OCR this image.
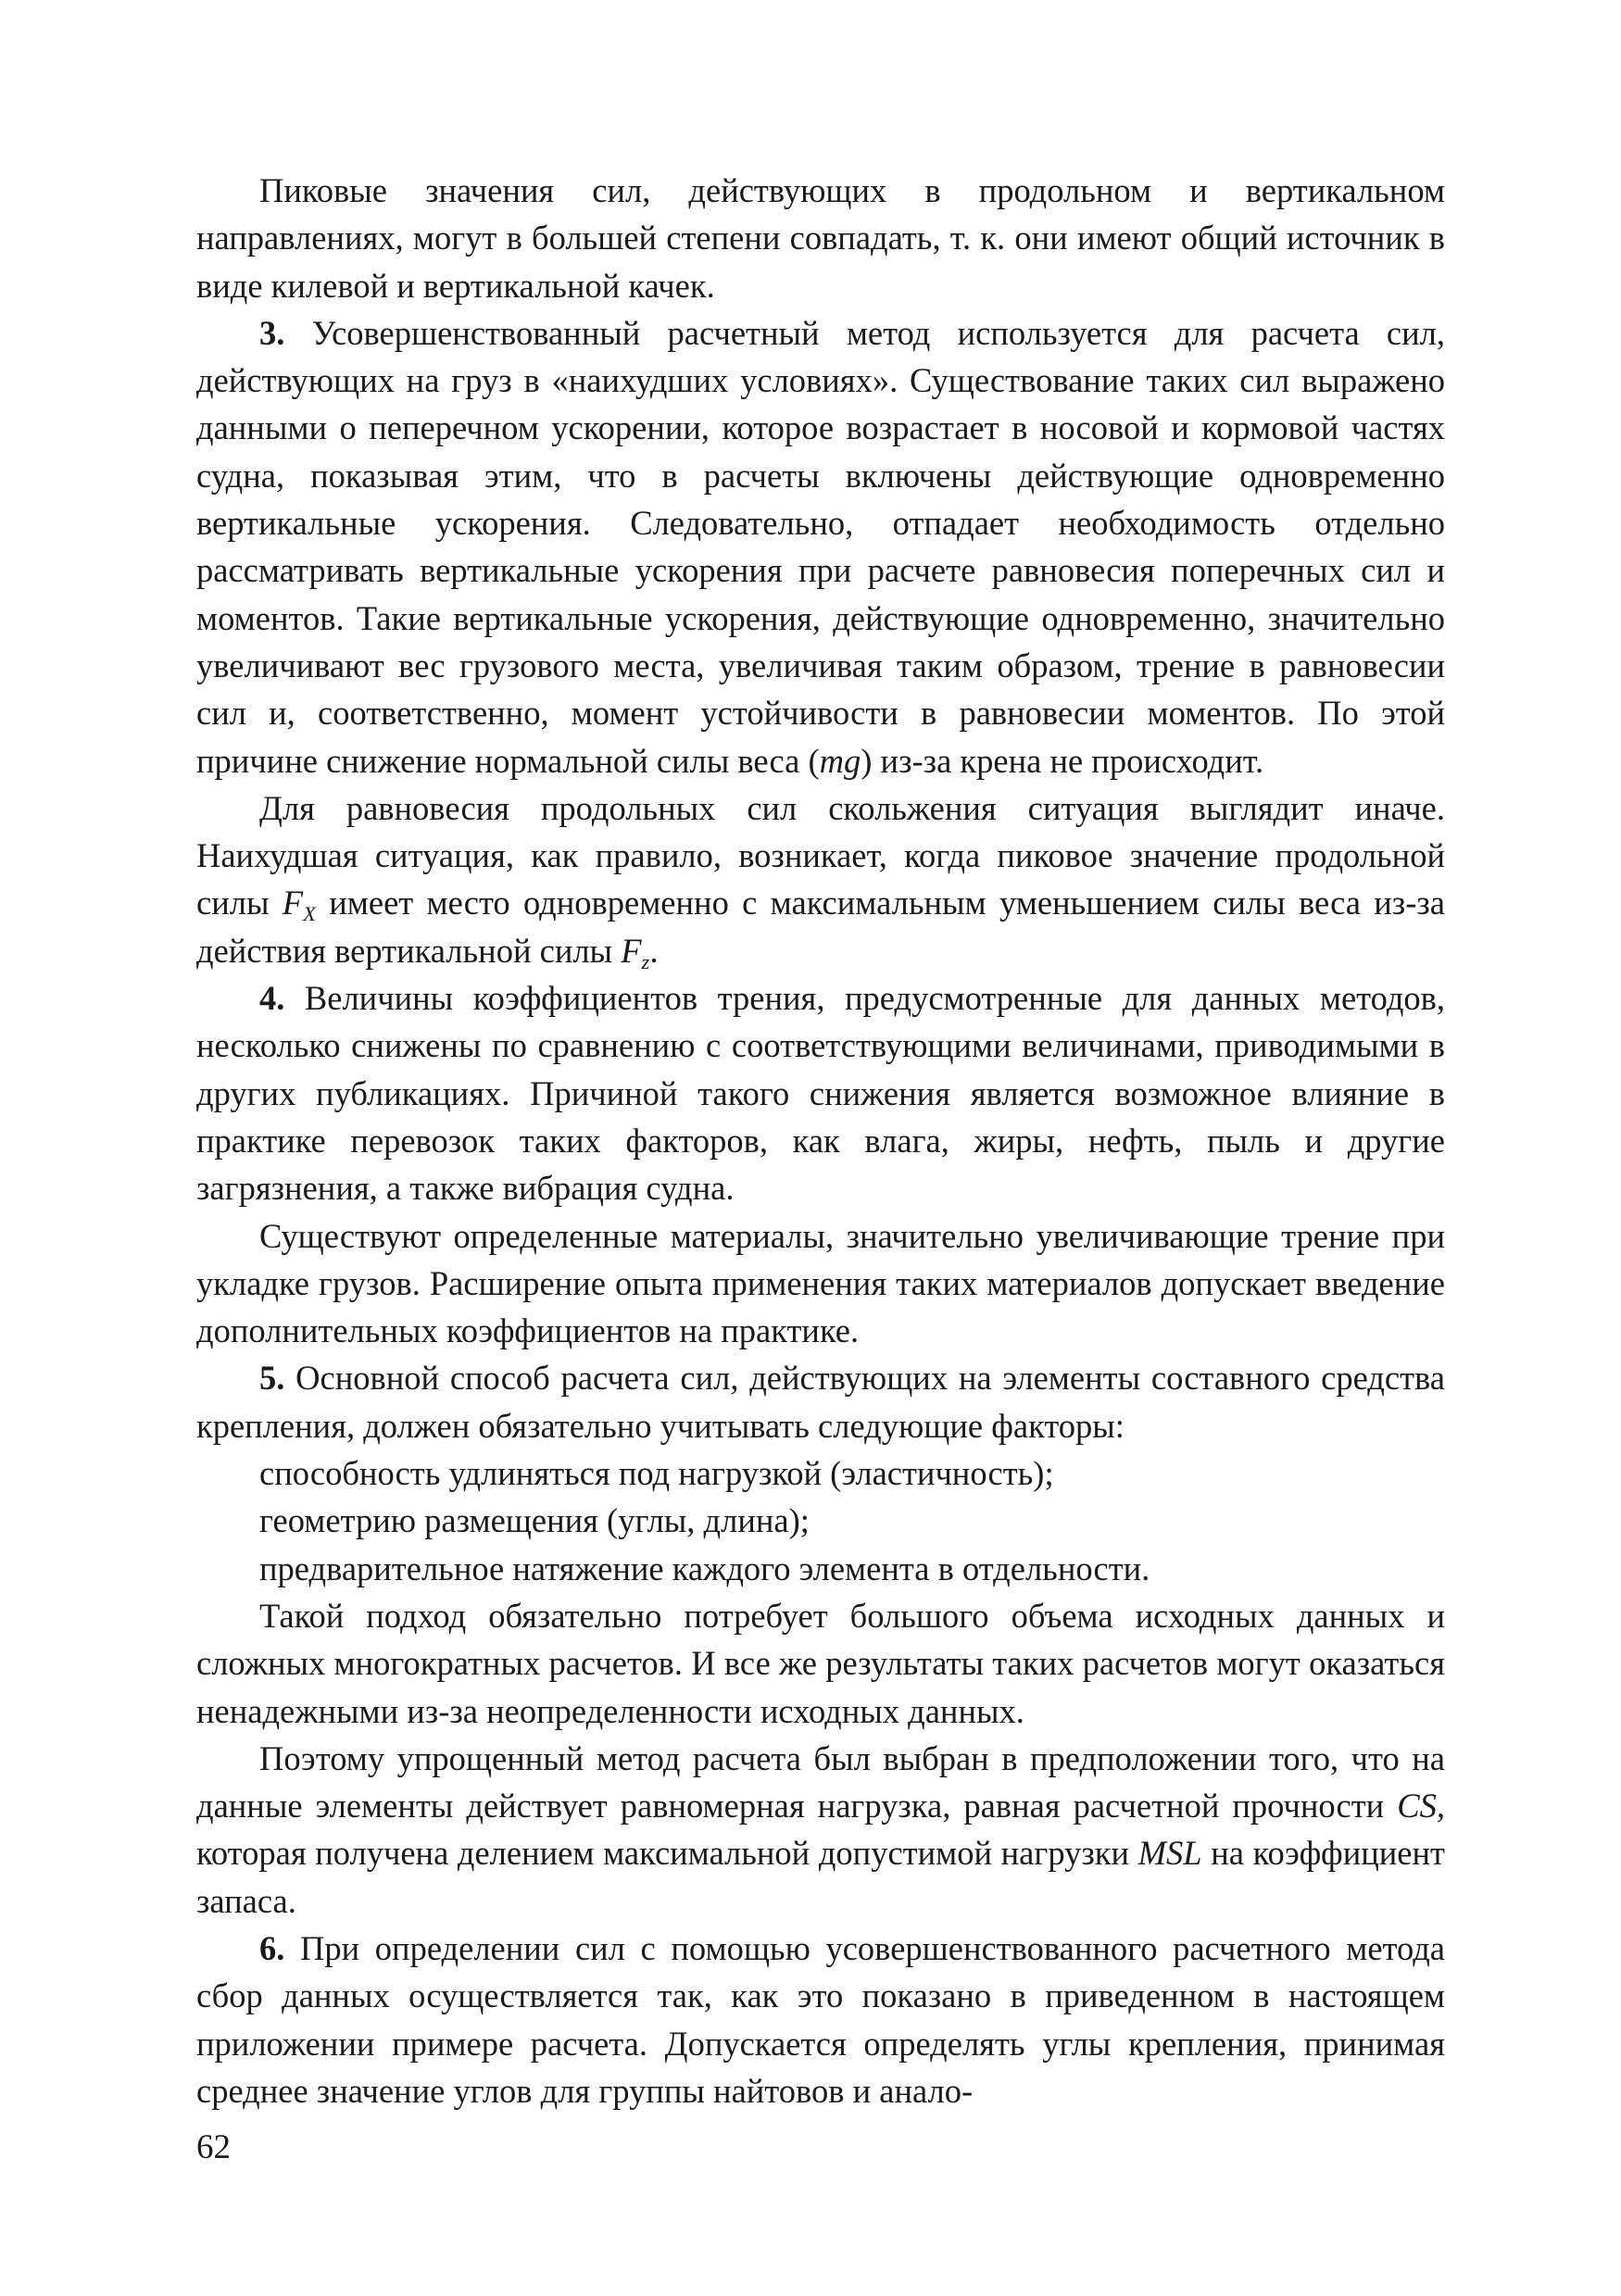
Пиковые значения сил, действующих в продольном и вертикальном направлениях, могут в большей степени совпадать, т. к. они имеют общий источник в виде килевой и вертикальной качек.

3. Усовершенствованный расчетный метод используется для расчета сил, действующих на груз в «наихудших условиях». Существование таких сил выражено данными о пеперечном ускорении, которое возрастает в носовой и кормовой частях судна, показывая этим, что в расчеты включены действующие одновременно вертикальные ускорения. Следовательно, отпадает необходимость отдельно рассматривать вертикальные ускорения при расчете равновесия поперечных сил и моментов. Такие вертикальные ускорения, действующие одновременно, значительно увеличивают вес грузового места, увеличивая таким образом, трение в равновесии сил и, соответственно, момент устойчивости в равновесии моментов. По этой причине снижение нормальной силы веса (mg) из-за крена не происходит.

Для равновесия продольных сил скольжения ситуация выглядит иначе. Наихудшая ситуация, как правило, возникает, когда пиковое значение продольной силы $F_X$ имеет место одновременно с максимальным уменьшением силы веса из-за действия вертикальной силы $F_z$.

4. Величины коэффициентов трения, предусмотренные для данных методов, несколько снижены по сравнению с соответствующими величинами, приводимыми в других публикациях. Причиной такого снижения является возможное влияние в практике перевозок таких факторов, как влага, жиры, нефть, пыль и другие загрязнения, а также вибрация судна.

Существуют определенные материалы, значительно увеличивающие трение при укладке грузов. Расширение опыта применения таких материалов допускает введение дополнительных коэффициентов на практике.

5. Основной способ расчета сил, действующих на элементы составного средства крепления, должен обязательно учитывать следующие факторы:

способность удлиняться под нагрузкой (эластичность);

геометрию размещения (углы, длина);

предварительное натяжение каждого элемента в отдельности.

Такой подход обязательно потребует большого объема исходных данных и сложных многократных расчетов. И все же результаты таких расчетов могут оказаться ненадежными из-за неопределенности исходных данных.

Поэтому упрощенный метод расчета был выбран в предположении того, что на данные элементы действует равномерная нагрузка, равная расчетной прочности CS, которая получена делением максимальной допустимой нагрузки MSL на коэффициент запаса.

6. При определении сил с помощью усовершенствованного расчетного метода сбор данных осуществляется так, как это показано в приведенном в настоящем приложении примере расчета. Допускается определять углы крепления, принимая среднее значение углов для группы найтовов и анало-

62
